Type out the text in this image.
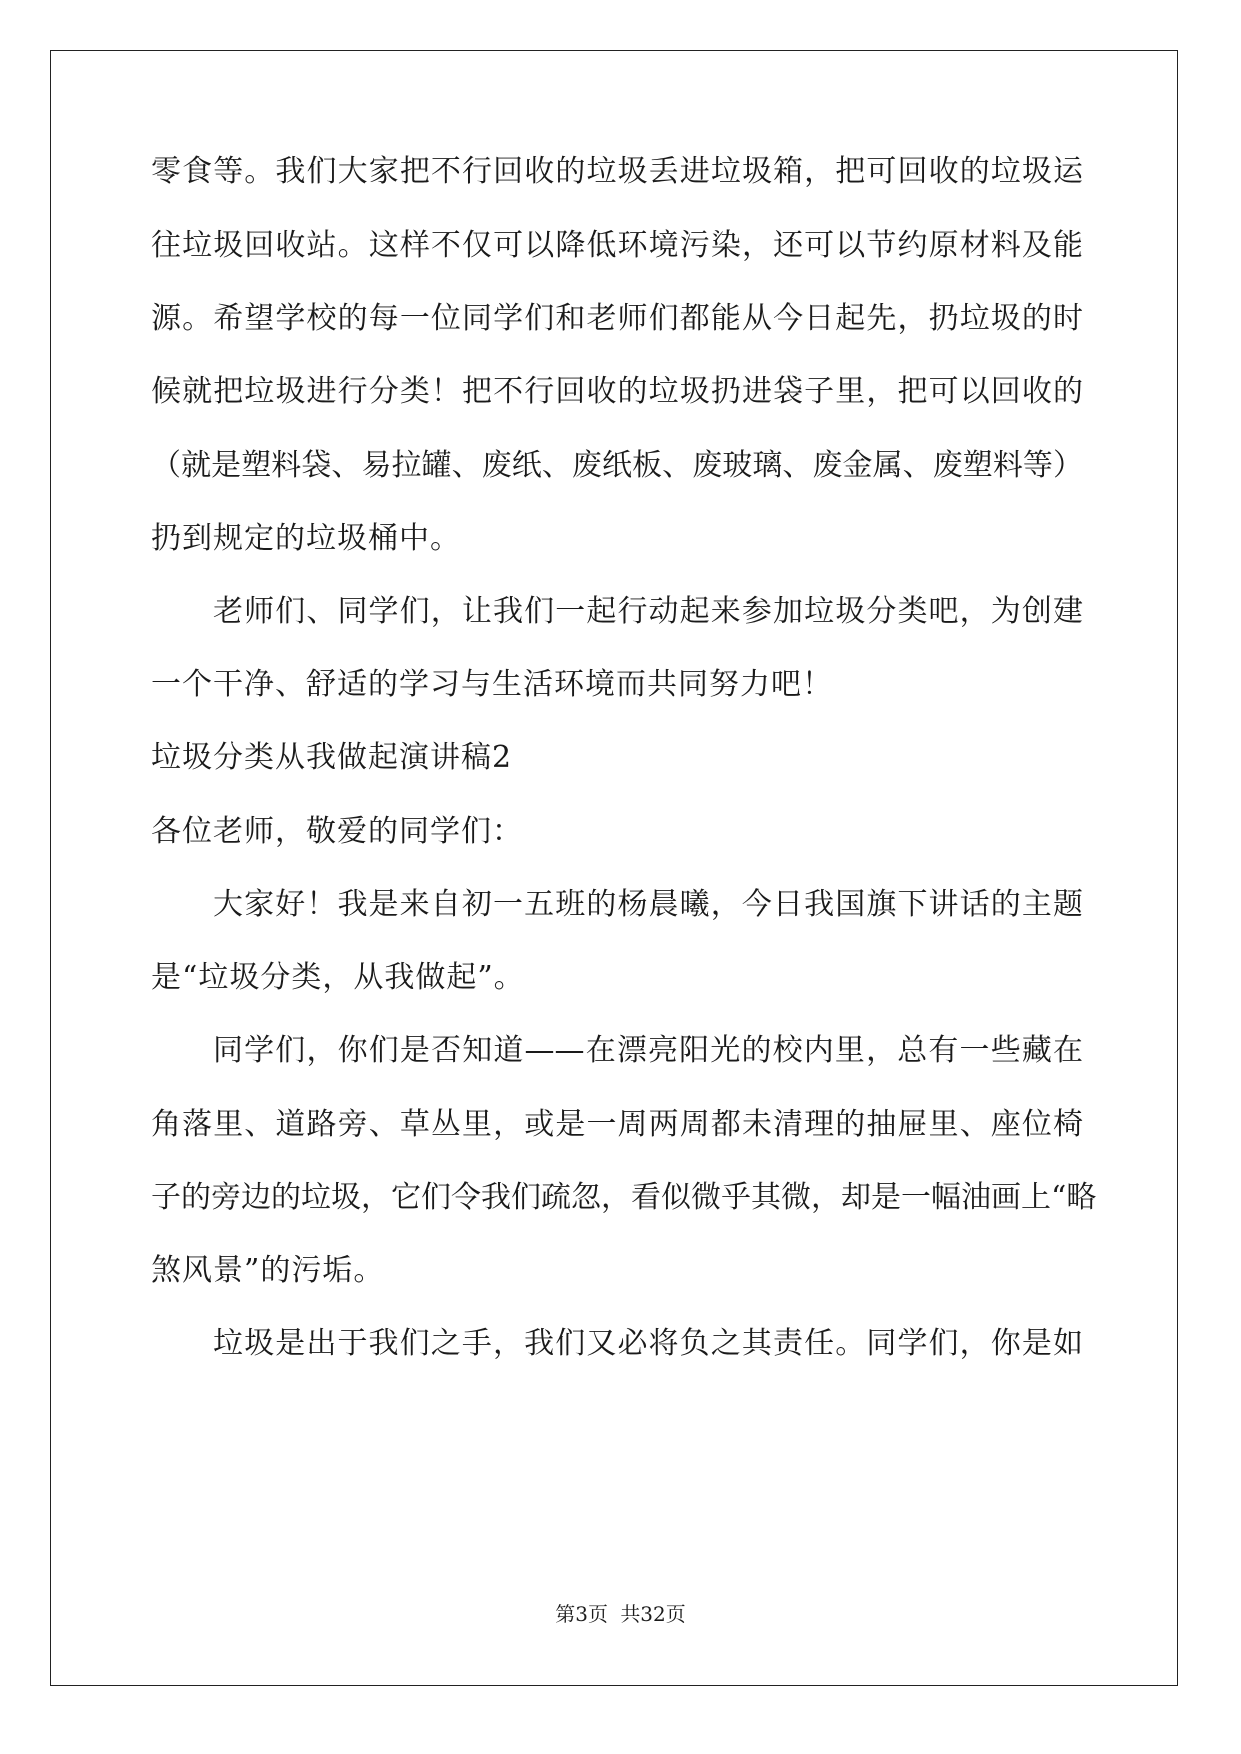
零食等。我们大家把不行回收的垃圾丢进垃圾箱，把可回收的垃圾运
往垃圾回收站。这样不仅可以降低环境污染，还可以节约原材料及能
源。希望学校的每一位同学们和老师们都能从今日起先，扔垃圾的时
候就把垃圾进行分类！把不行回收的垃圾扔进袋子里，把可以回收的
（就是塑料袋、易拉罐、废纸、废纸板、废玻璃、废金属、废塑料等）
扔到规定的垃圾桶中。
老师们、同学们，让我们一起行动起来参加垃圾分类吧，为创建
一个干净、舒适的学习与生活环境而共同努力吧！
垃圾分类从我做起演讲稿2
各位老师，敬爱的同学们：
大家好！我是来自初一五班的杨晨曦，今日我国旗下讲话的主题
是“垃圾分类，从我做起”。
同学们，你们是否知道——在漂亮阳光的校内里，总有一些藏在
角落里、道路旁、草丛里，或是一周两周都未清理的抽屉里、座位椅
子的旁边的垃圾，它们令我们疏忽，看似微乎其微，却是一幅油画上“略
煞风景”的污垢。
垃圾是出于我们之手，我们又必将负之其责任。同学们，你是如
第3页 共32页
